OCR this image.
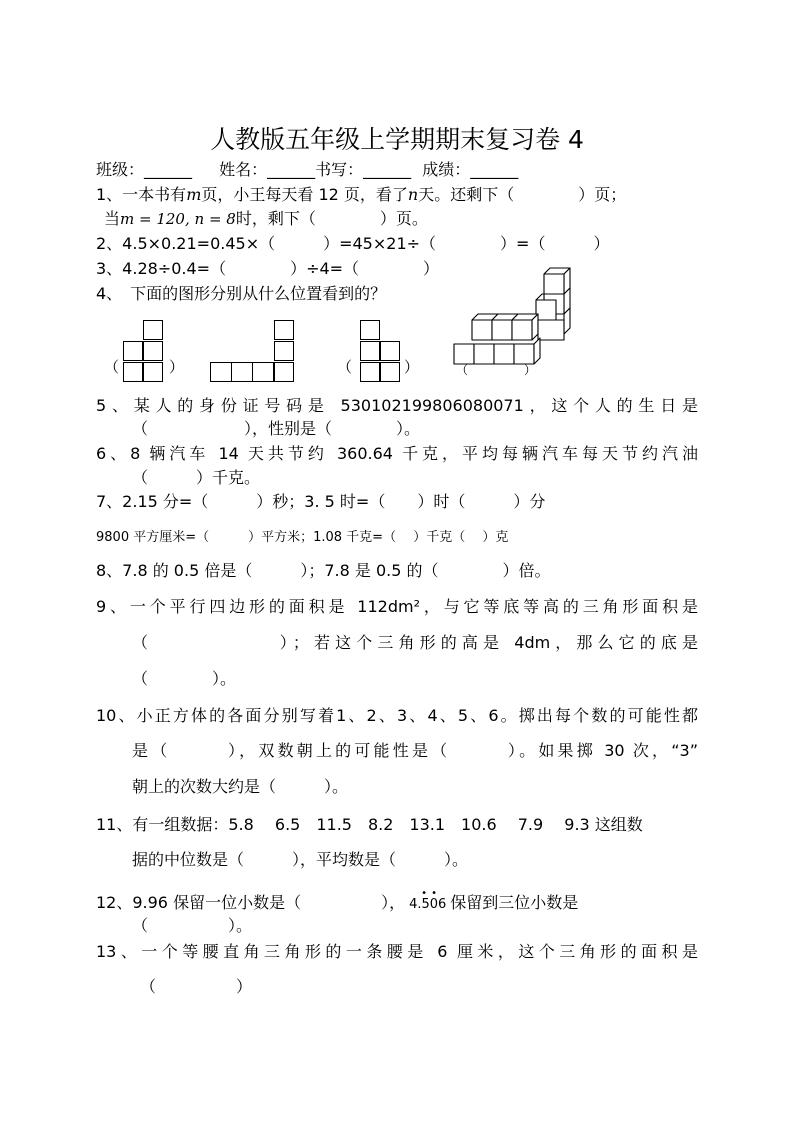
人教版五年级上学期期末复习卷 4
班级：______ 姓名：______书写：______ 成绩：______
1、一本书有m页，小王每天看 12 页，看了n天。还剩下（　　　　）页；
当m = 120, n = 8时，剩下（　　　　）页。
2、4.5×0.21=0.45×（　　　）=45×21÷（　　　　）=（　　　）
3、4.28÷0.4=（　　　　）÷4=（　　　　）
4、　下面的图形分别从什么位置看到的？
（	）	（	）	（	）
5、某人的身份证号码是 530102199806080071，这个人的生日是
（　　　　　　），性别是（　　　　）。
6、8 辆汽车 14 天共节约 360.64 千克，平均每辆汽车每天节约汽油
（　　　）千克。
7、2.15 分=（　　　）秒；3. 5 时=（　　）时（　　　）分
9800 平方厘米=（　　　）平方米；1.08 千克=（　 ）千克（　 ）克
8、7.8 的 0.5 倍是（　　　）；7.8 是 0.5 的（　　　　）倍。
9、一个平行四边形的面积是 112dm²，与它等底等高的三角形面积是
（　　　　　　）；若这个三角形的高是 4dm，那么它的底是
（　　　　）。
10、小正方体的各面分别写着1、2、3、4、5、6。掷出每个数的可能性都
是（　　　），双数朝上的可能性是（　　　）。如果掷 30 次，“3”
朝上的次数大约是（　　　）。
11、有一组数据：5.8　 6.5　11.5　8.2　13.1　10.6　 7.9　 9.3 这组数
据的中位数是（　　　），平均数是（　　　）。
12、9.96 保留一位小数是（　　　　　）， 4.506
• • 保留到三位小数是
（　　　　　）。
13、一个等腰直角三角形的一条腰是 6 厘米，这个三角形的面积是
（　　　　　）
